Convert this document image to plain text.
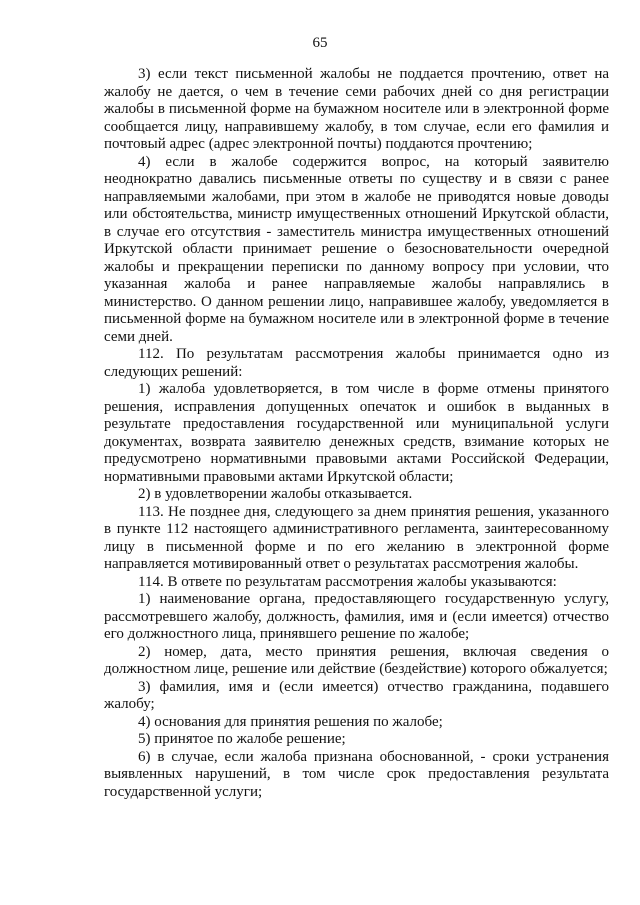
65

3) если текст письменной жалобы не поддается прочтению, ответ на жалобу не дается, о чем в течение семи рабочих дней со дня регистрации жалобы в письменной форме на бумажном носителе или в электронной форме сообщается лицу, направившему жалобу, в том случае, если его фамилия и почтовый адрес (адрес электронной почты) поддаются прочтению;

4) если в жалобе содержится вопрос, на который заявителю неоднократно давались письменные ответы по существу и в связи с ранее направляемыми жалобами, при этом в жалобе не приводятся новые доводы или обстоятельства, министр имущественных отношений Иркутской области, в случае его отсутствия - заместитель министра имущественных отношений Иркутской области принимает решение о безосновательности очередной жалобы и прекращении переписки по данному вопросу при условии, что указанная жалоба и ранее направляемые жалобы направлялись в министерство. О данном решении лицо, направившее жалобу, уведомляется в письменной форме на бумажном носителе или в электронной форме в течение семи дней.

112. По результатам рассмотрения жалобы принимается одно из следующих решений:

1) жалоба удовлетворяется, в том числе в форме отмены принятого решения, исправления допущенных опечаток и ошибок в выданных в результате предоставления государственной или муниципальной услуги документах, возврата заявителю денежных средств, взимание которых не предусмотрено нормативными правовыми актами Российской Федерации, нормативными правовыми актами Иркутской области;

2) в удовлетворении жалобы отказывается.

113. Не позднее дня, следующего за днем принятия решения, указанного в пункте 112 настоящего административного регламента, заинтересованному лицу в письменной форме и по его желанию в электронной форме направляется мотивированный ответ о результатах рассмотрения жалобы.

114. В ответе по результатам рассмотрения жалобы указываются:

1) наименование органа, предоставляющего государственную услугу, рассмотревшего жалобу, должность, фамилия, имя и (если имеется) отчество его должностного лица, принявшего решение по жалобе;

2) номер, дата, место принятия решения, включая сведения о должностном лице, решение или действие (бездействие) которого обжалуется;

3) фамилия, имя и (если имеется) отчество гражданина, подавшего жалобу;

4) основания для принятия решения по жалобе;

5) принятое по жалобе решение;

6) в случае, если жалоба признана обоснованной, - сроки устранения выявленных нарушений, в том числе срок предоставления результата государственной услуги;
